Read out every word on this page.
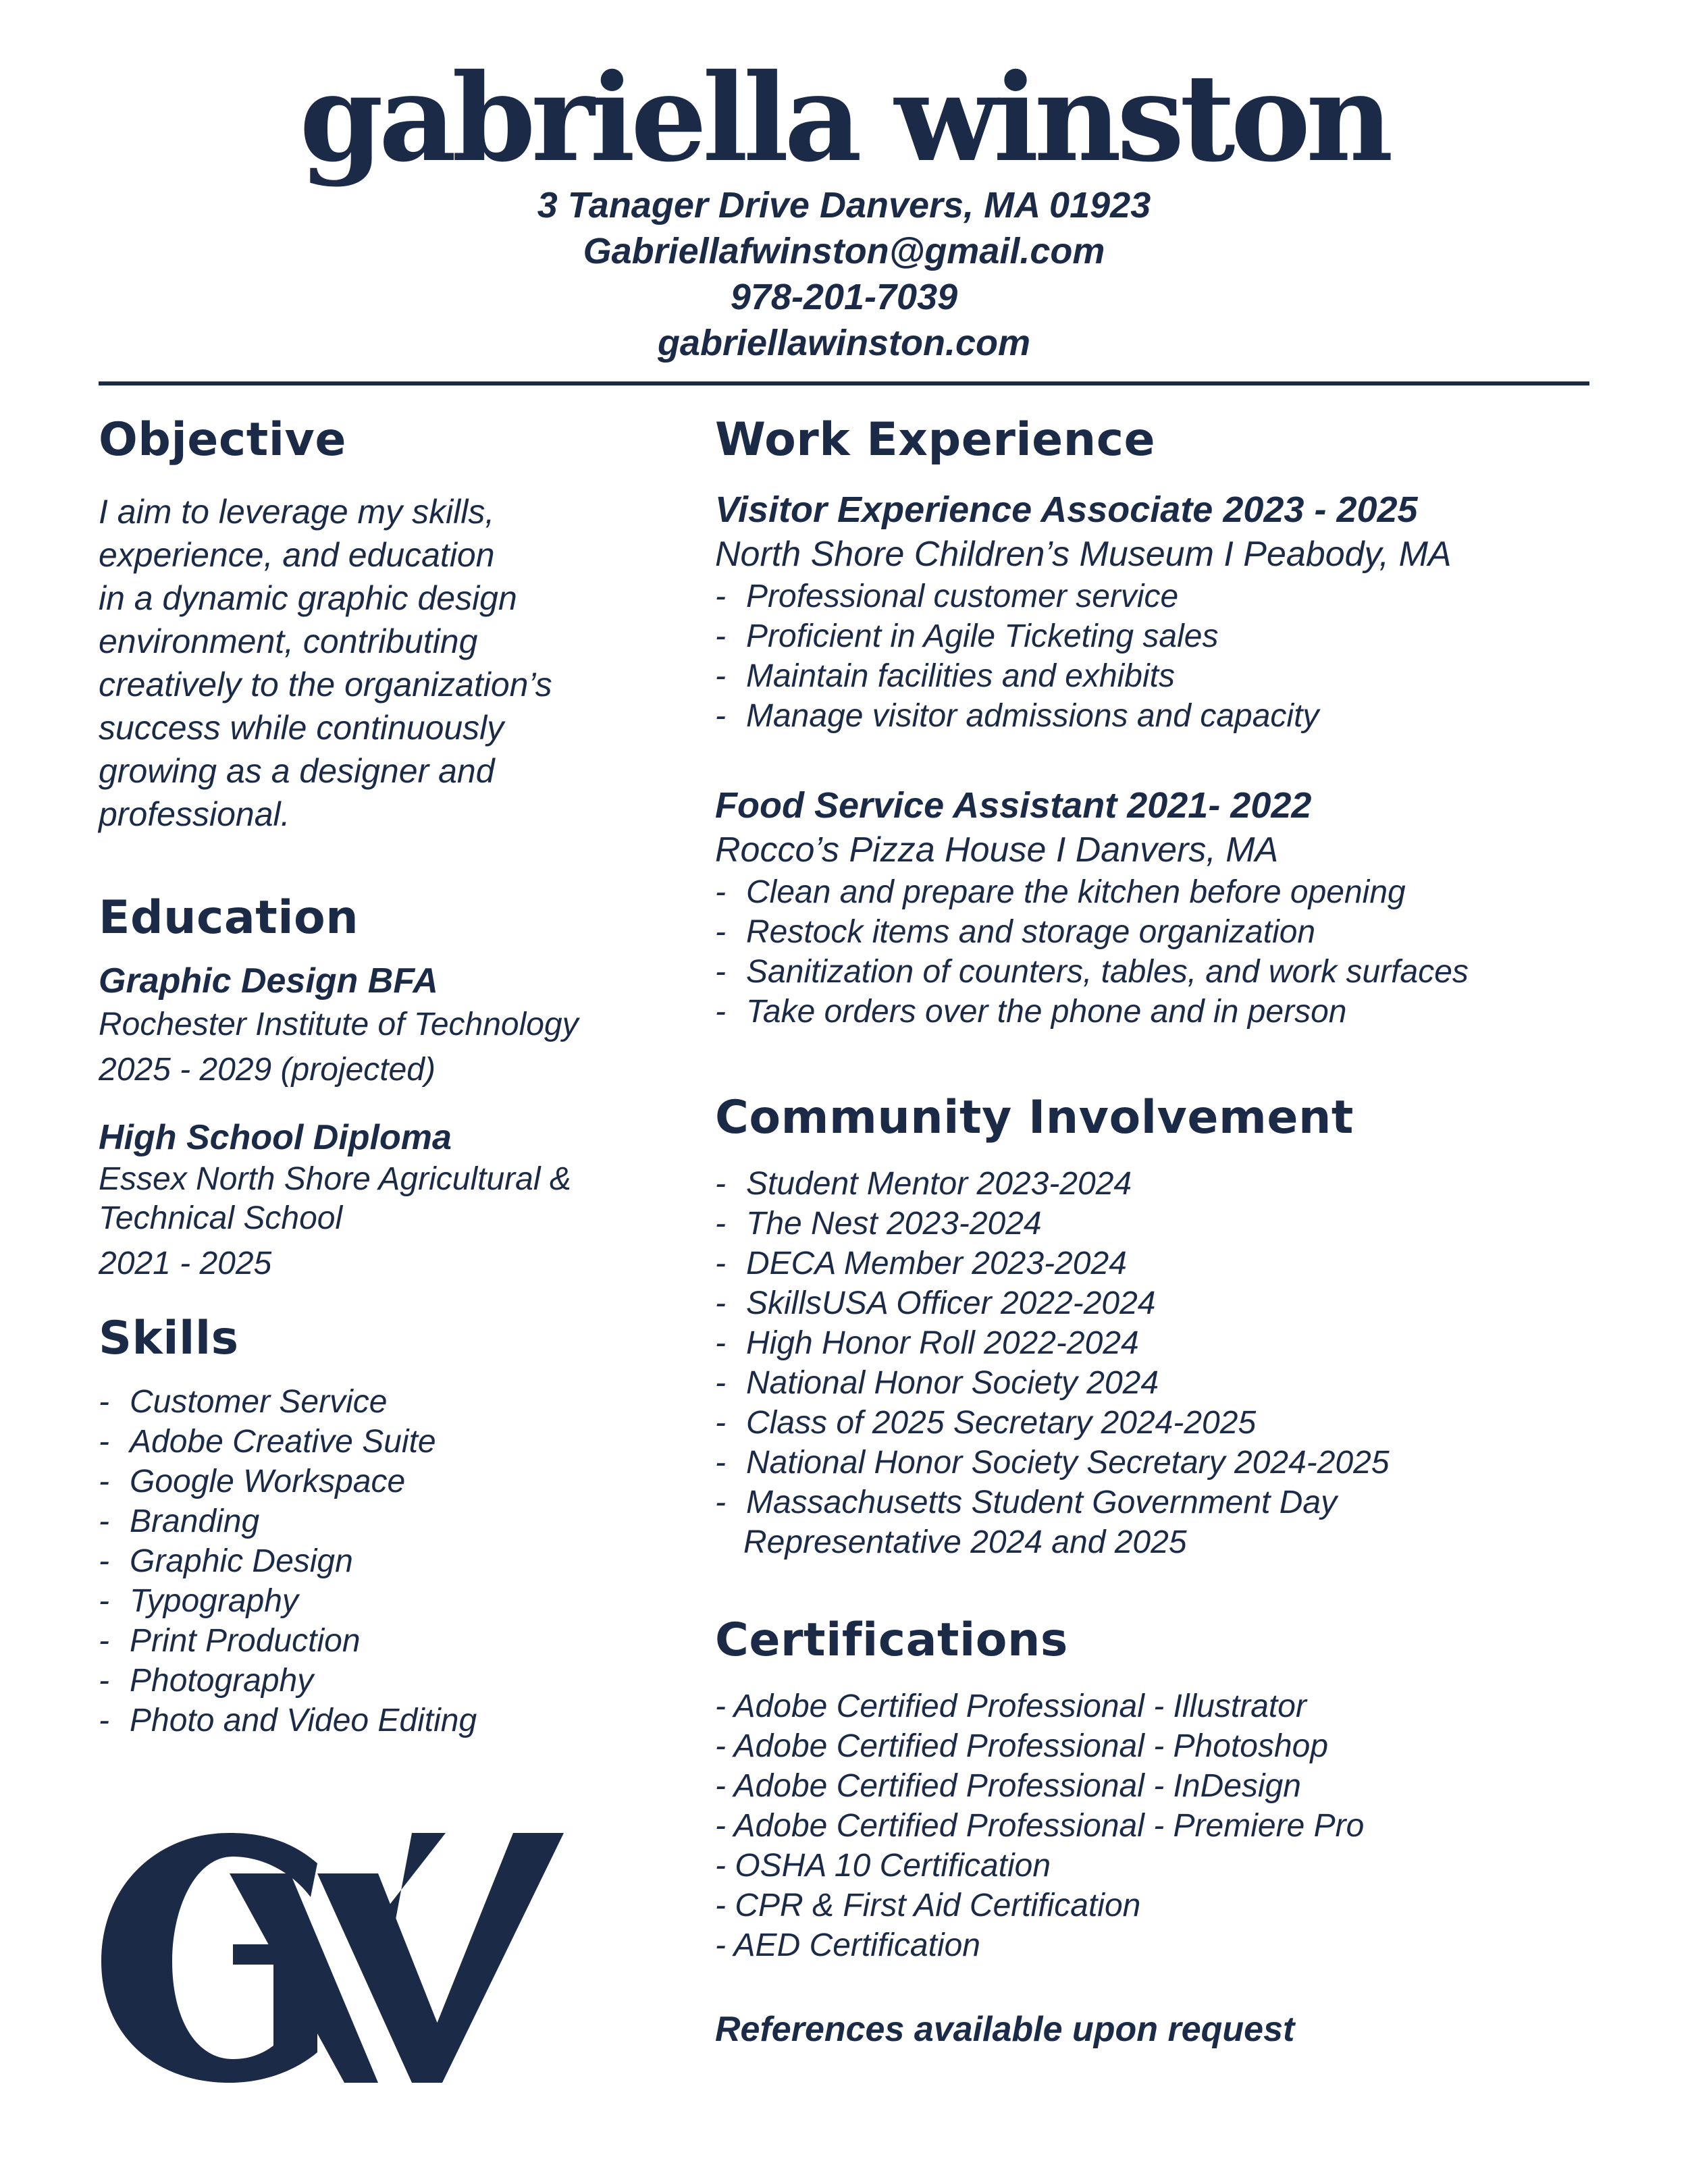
gabriella winston
3 Tanager Drive Danvers, MA 01923
Gabriellafwinston@gmail.com
978-201-7039
gabriellawinston.com
Objective
I aim to leverage my skills,
experience, and education
in a dynamic graphic design
environment, contributing
creatively to the organization’s
success while continuously
growing as a designer and
professional.
Education
Graphic Design BFA
Rochester Institute of Technology
2025 - 2029 (projected)
High School Diploma
Essex North Shore Agricultural &
Technical School
2021 - 2025
Skills
- Customer Service
- Adobe Creative Suite
- Google Workspace
- Branding
- Graphic Design
- Typography
- Print Production
- Photography
- Photo and Video Editing
Work Experience
Visitor Experience Associate 2023 - 2025
North Shore Children’s Museum I Peabody, MA
- Professional customer service
- Proficient in Agile Ticketing sales
- Maintain facilities and exhibits
- Manage visitor admissions and capacity
Food Service Assistant 2021- 2022
Rocco’s Pizza House I Danvers, MA
- Clean and prepare the kitchen before opening
- Restock items and storage organization
- Sanitization of counters, tables, and work surfaces
- Take orders over the phone and in person
Community Involvement
- Student Mentor 2023-2024
- The Nest 2023-2024
- DECA Member 2023-2024
- SkillsUSA Officer 2022-2024
- High Honor Roll 2022-2024
- National Honor Society 2024
- Class of 2025 Secretary 2024-2025
- National Honor Society Secretary 2024-2025
- Massachusetts Student Government Day
Representative 2024 and 2025
Certifications
- Adobe Certified Professional - Illustrator
- Adobe Certified Professional - Photoshop
- Adobe Certified Professional - InDesign
- Adobe Certified Professional - Premiere Pro
- OSHA 10 Certification
- CPR & First Aid Certification
- AED Certification
References available upon request
